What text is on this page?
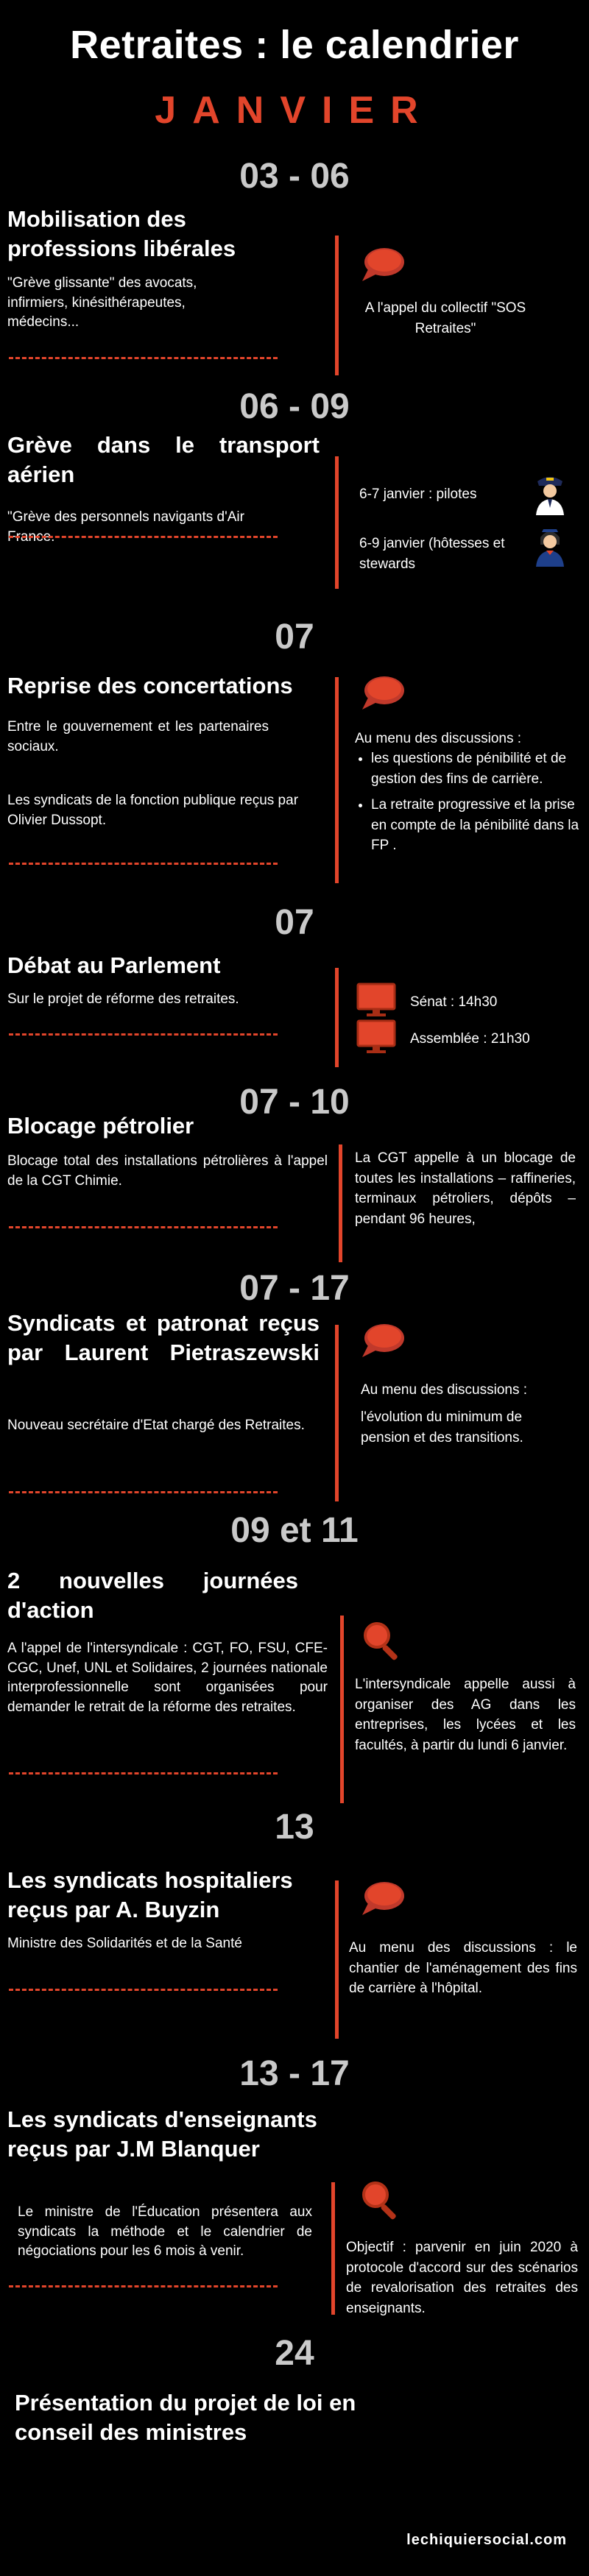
Retraites : le calendrier
JANVIER
03 - 06
Mobilisation des professions libérales
"Grève glissante" des avocats, infirmiers, kinésithérapeutes, médecins...
A l'appel du collectif "SOS Retraites"
06 - 09
Grève dans le transport aérien
"Grève des personnels navigants d'Air France.
6-7 janvier : pilotes
6-9 janvier (hôtesses et stewards
07
Reprise des concertations
Entre le gouvernement et les partenaires sociaux.
Les syndicats de la fonction publique reçus par Olivier Dussopt.
Au menu des discussions :
• les questions de pénibilité et de gestion des fins de carrière.
• La retraite progressive et la prise en compte de la pénibilité dans la FP .
07
Débat au Parlement
Sur le projet de réforme des retraites.	Sénat : 14h30
Assemblée : 21h30
07 - 10
Blocage pétrolier
Blocage total des installations pétrolières à l'appel de la CGT Chimie.
La CGT appelle à un blocage de toutes les installations – raffineries, terminaux pétroliers, dépôts – pendant 96 heures,
07 - 17
Syndicats et patronat reçus par Laurent Pietraszewski
Nouveau secrétaire d'Etat chargé des Retraites.
Au menu des discussions :
l'évolution du minimum de pension et des transitions.
09 et 11
2 nouvelles journées d'action
A l'appel de l'intersyndicale : CGT, FO, FSU, CFE-CGC, Unef, UNL et Solidaires, 2 journées nationale interprofessionnelle sont organisées pour demander le retrait de la réforme des retraites.
L'intersyndicale appelle aussi à organiser des AG dans les entreprises, les lycées et les facultés, à partir du lundi 6 janvier.
13
Les syndicats hospitaliers reçus par A. Buyzin
Ministre des Solidarités et de la Santé	Au menu des discussions : le chantier de l'aménagement des fins de carrière à l'hôpital.
13 - 17
Les syndicats d'enseignants reçus par J.M Blanquer
Le ministre de l'Éducation présentera aux syndicats la méthode et le calendrier de négociations pour les 6 mois à venir.	Objectif : parvenir en juin 2020 à protocole d'accord sur des scénarios de revalorisation des retraites des enseignants.
24
Présentation du projet de loi en conseil des ministres
lechiquiersocial.com
